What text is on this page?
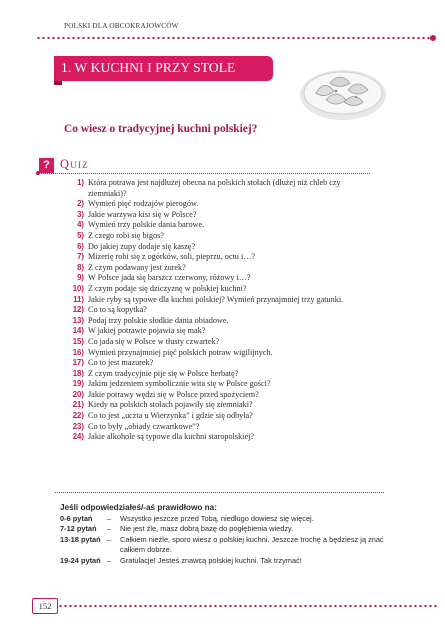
POLSKI DLA OBCOKRAJOWCÓW
1. W KUCHNI I PRZY STOLE
Co wiesz o tradycyjnej kuchni polskiej?
? Quiz
1) Która potrawa jest najdłużej obecna na polskich stołach (dłużej niż chleb czy ziemniaki)?
2) Wymień pięć rodzajów pierogów.
3) Jakie warzywa kisi się w Polsce?
4) Wymień trzy polskie dania barowe.
5) Z czego robi się bigos?
6) Do jakiej zupy dodaje się kaszę?
7) Mizerię robi się z ogórków, soli, pieprzu, octu i…?
8) Z czym podawany jest żurek?
9) W Polsce jada się barszcz czerwony, różowy i…?
10) Z czym podaje się dziczyznę w polskiej kuchni?
11) Jakie ryby są typowe dla kuchni polskiej? Wymień przynajmniej trzy gatunki.
12) Co to są kopytka?
13) Podaj trzy polskie słodkie dania obiadowe.
14) W jakiej potrawie pojawia się mak?
15) Co jada się w Polsce w tłusty czwartek?
16) Wymień przynajmniej pięć polskich potraw wigilijnych.
17) Co to jest mazurek?
18) Z czym tradycyjnie pije się w Polsce herbatę?
19) Jakim jedzeniem symbolicznie wita się w Polsce gości?
20) Jakie potrawy wędzi się w Polsce przed spożyciem?
21) Kiedy na polskich stołach pojawiły się ziemniaki?
22) Co to jest „uczta u Wierzynka” i gdzie się odbyła?
23) Co to były „obiady czwartkowe”?
24) Jakie alkohole są typowe dla kuchni staropolskiej?
Jeśli odpowiedziałeś/-aś prawidłowo na:
0-6 pytań – Wszystko jeszcze przed Tobą, niedługo dowiesz się więcej.
7-12 pytań – Nie jest źle, masz dobrą bazę do pogłębienia wiedzy.
13-18 pytań – Całkiem nieźle, sporo wiesz o polskiej kuchni. Jeszcze trochę a będziesz ją znać całkiem dobrze.
19-24 pytań – Gratulacje! Jesteś znawcą polskiej kuchni. Tak trzymać!
152
